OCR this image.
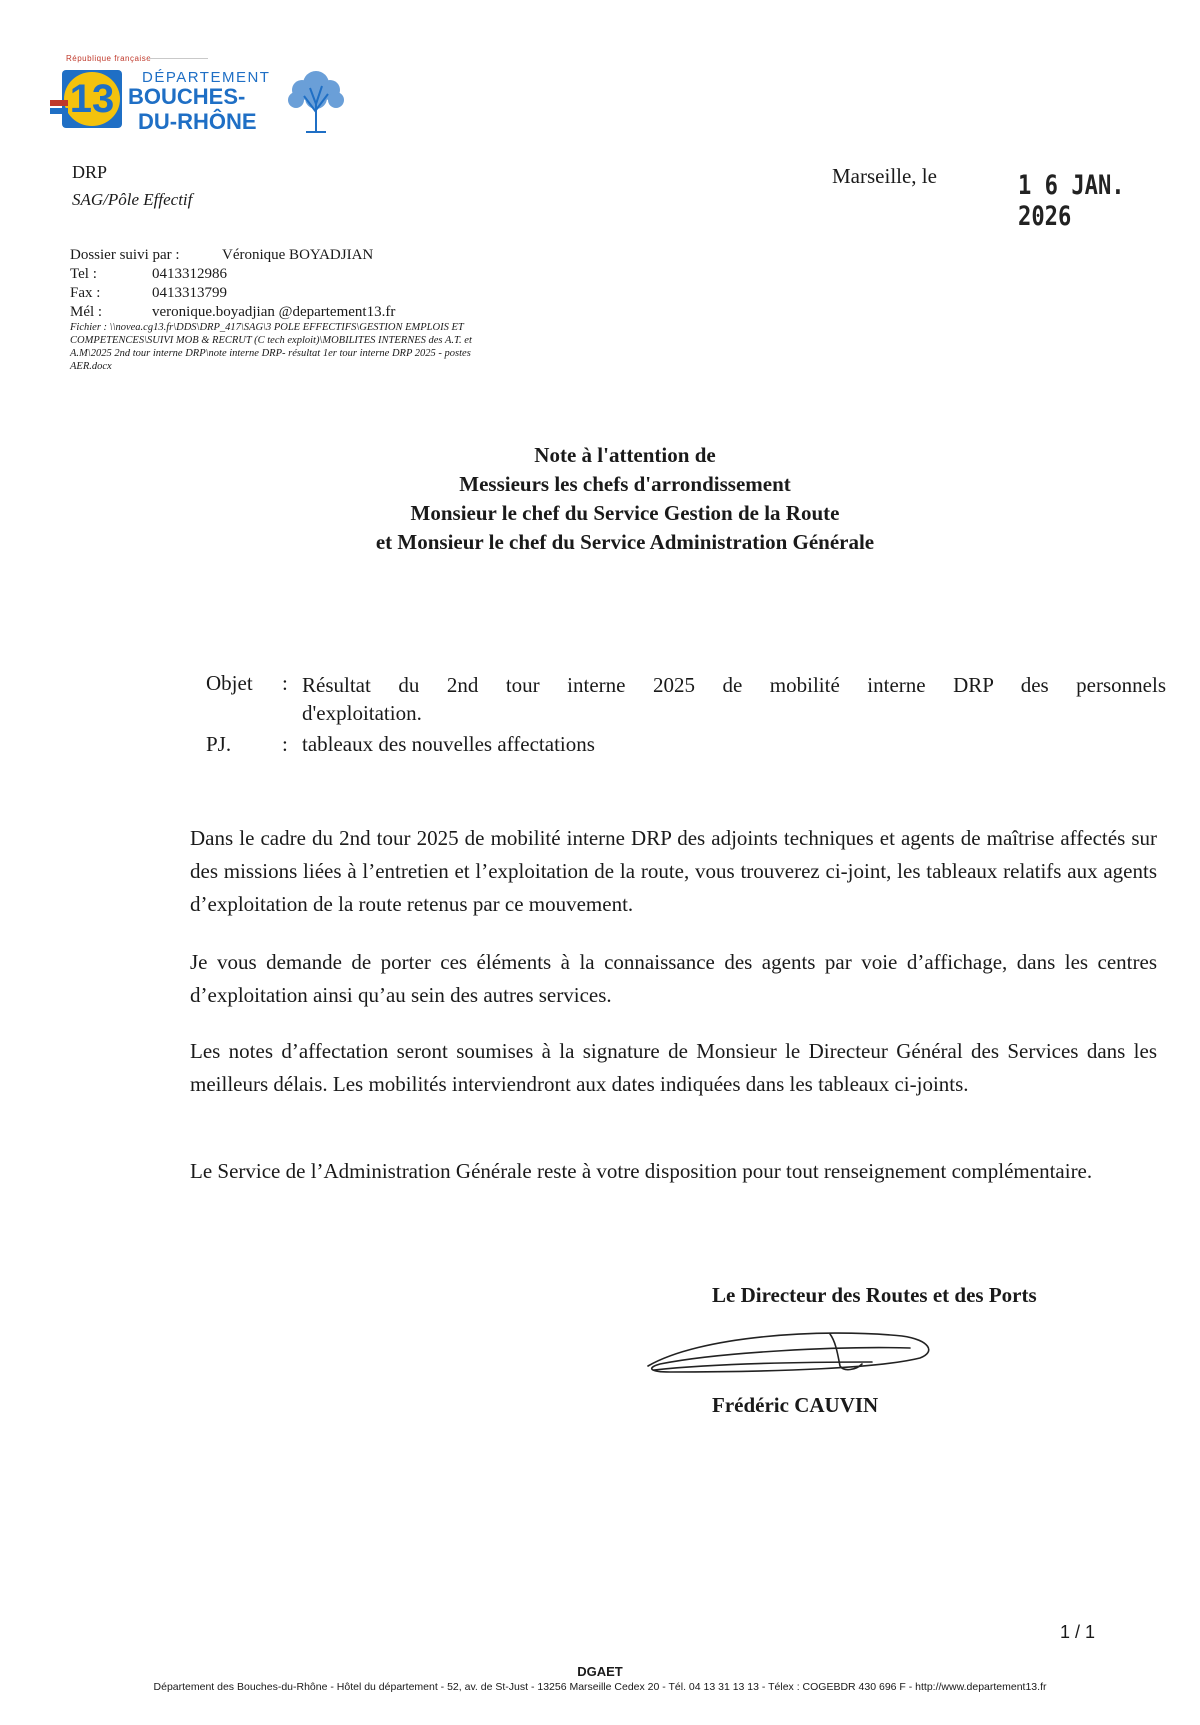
République française
13	DÉPARTEMENT
BOUCHES-
DU-RHÔNE
DRP
SAG/Pôle Effectif
Marseille, le	1 6 JAN. 2026
Dossier suivi par :	Véronique BOYADJIAN
Tel :	0413312986
Fax :	0413313799
Mél :	veronique.boyadjian @departement13.fr
Fichier : \\novea.cg13.fr\DDS\DRP_417\SAG\3 POLE EFFECTIFS\GESTION EMPLOIS ET COMPETENCES\SUIVI MOB & RECRUT (C tech exploit)\MOBILITES INTERNES des A.T. et A.M\2025 2nd tour interne DRP\note interne DRP- résultat 1er tour interne DRP 2025 - postes AER.docx
Note à l'attention de
Messieurs les chefs d'arrondissement
Monsieur le chef du Service Gestion de la Route
et Monsieur le chef du Service Administration Générale
Objet : Résultat du 2nd tour interne 2025 de mobilité interne DRP des personnels
d'exploitation.
PJ. : tableaux des nouvelles affectations
Dans le cadre du 2nd tour 2025 de mobilité interne DRP des adjoints techniques et agents de maîtrise affectés sur des missions liées à l’entretien et l’exploitation de la route, vous trouverez ci-joint, les tableaux relatifs aux agents d’exploitation de la route retenus par ce mouvement.
Je vous demande de porter ces éléments à la connaissance des agents par voie d’affichage, dans les centres d’exploitation ainsi qu’au sein des autres services.
Les notes d’affectation seront soumises à la signature de Monsieur le Directeur Général des Services dans les meilleurs délais. Les mobilités interviendront aux dates indiquées dans les tableaux ci-joints.
Le Service de l’Administration Générale reste à votre disposition pour tout renseignement complémentaire.
Le Directeur des Routes et des Ports
Frédéric CAUVIN
1 / 1
DGAET
Département des Bouches-du-Rhône - Hôtel du département - 52, av. de St-Just - 13256 Marseille Cedex 20 - Tél. 04 13 31 13 13 - Télex : COGEBDR 430 696 F - http://www.departement13.fr
